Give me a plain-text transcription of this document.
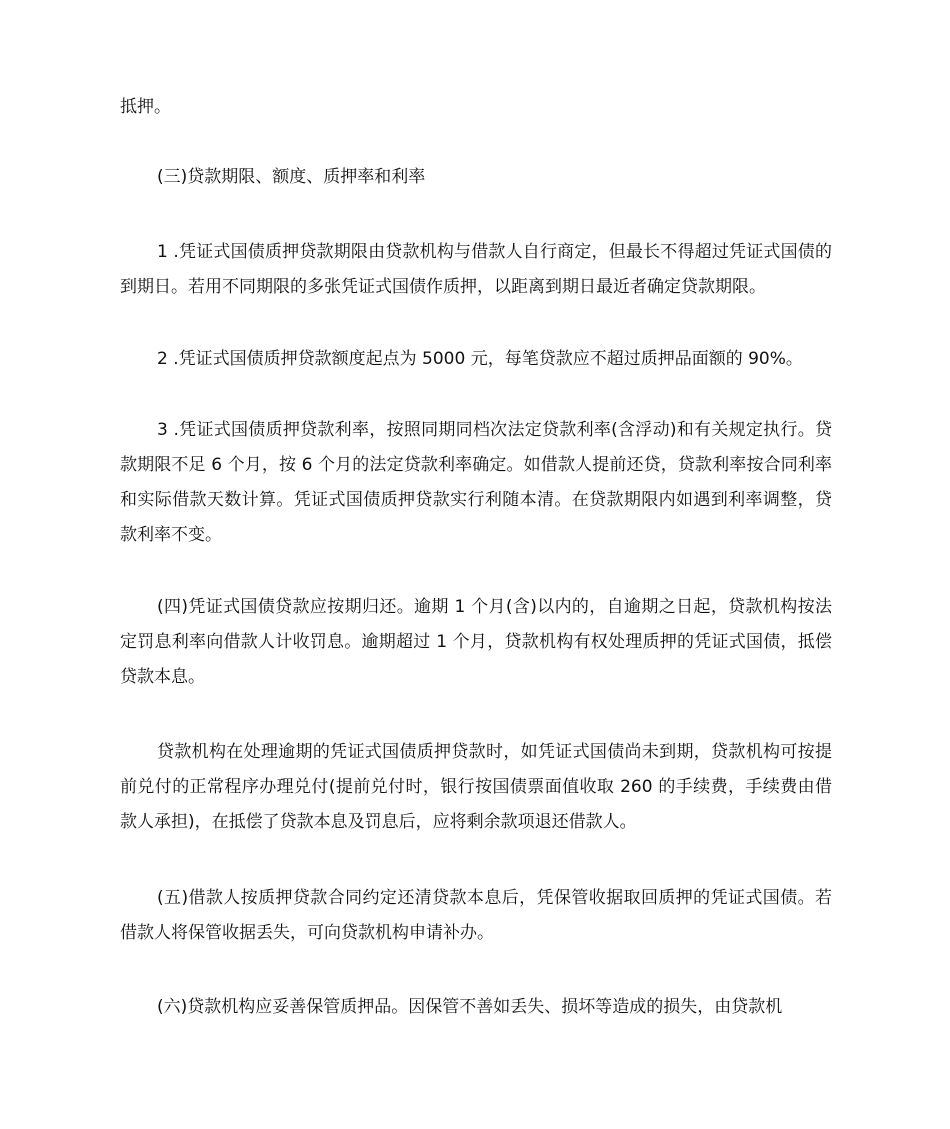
抵押。

(三)贷款期限、额度、质押率和利率

1 .凭证式国债质押贷款期限由贷款机构与借款人自行商定，但最长不得超过凭证式国债的到期日。若用不同期限的多张凭证式国债作质押，以距离到期日最近者确定贷款期限。

2 .凭证式国债质押贷款额度起点为 5000 元，每笔贷款应不超过质押品面额的 90%。

3 .凭证式国债质押贷款利率，按照同期同档次法定贷款利率(含浮动)和有关规定执行。贷款期限不足 6 个月，按 6 个月的法定贷款利率确定。如借款人提前还贷，贷款利率按合同利率和实际借款天数计算。凭证式国债质押贷款实行利随本清。在贷款期限内如遇到利率调整，贷款利率不变。

(四)凭证式国债贷款应按期归还。逾期 1 个月(含)以内的，自逾期之日起，贷款机构按法定罚息利率向借款人计收罚息。逾期超过 1 个月，贷款机构有权处理质押的凭证式国债，抵偿贷款本息。

贷款机构在处理逾期的凭证式国债质押贷款时，如凭证式国债尚未到期，贷款机构可按提前兑付的正常程序办理兑付(提前兑付时，银行按国债票面值收取 260 的手续费，手续费由借款人承担)，在抵偿了贷款本息及罚息后，应将剩余款项退还借款人。

(五)借款人按质押贷款合同约定还清贷款本息后，凭保管收据取回质押的凭证式国债。若借款人将保管收据丢失，可向贷款机构申请补办。

(六)贷款机构应妥善保管质押品。因保管不善如丢失、损坏等造成的损失，由贷款机
